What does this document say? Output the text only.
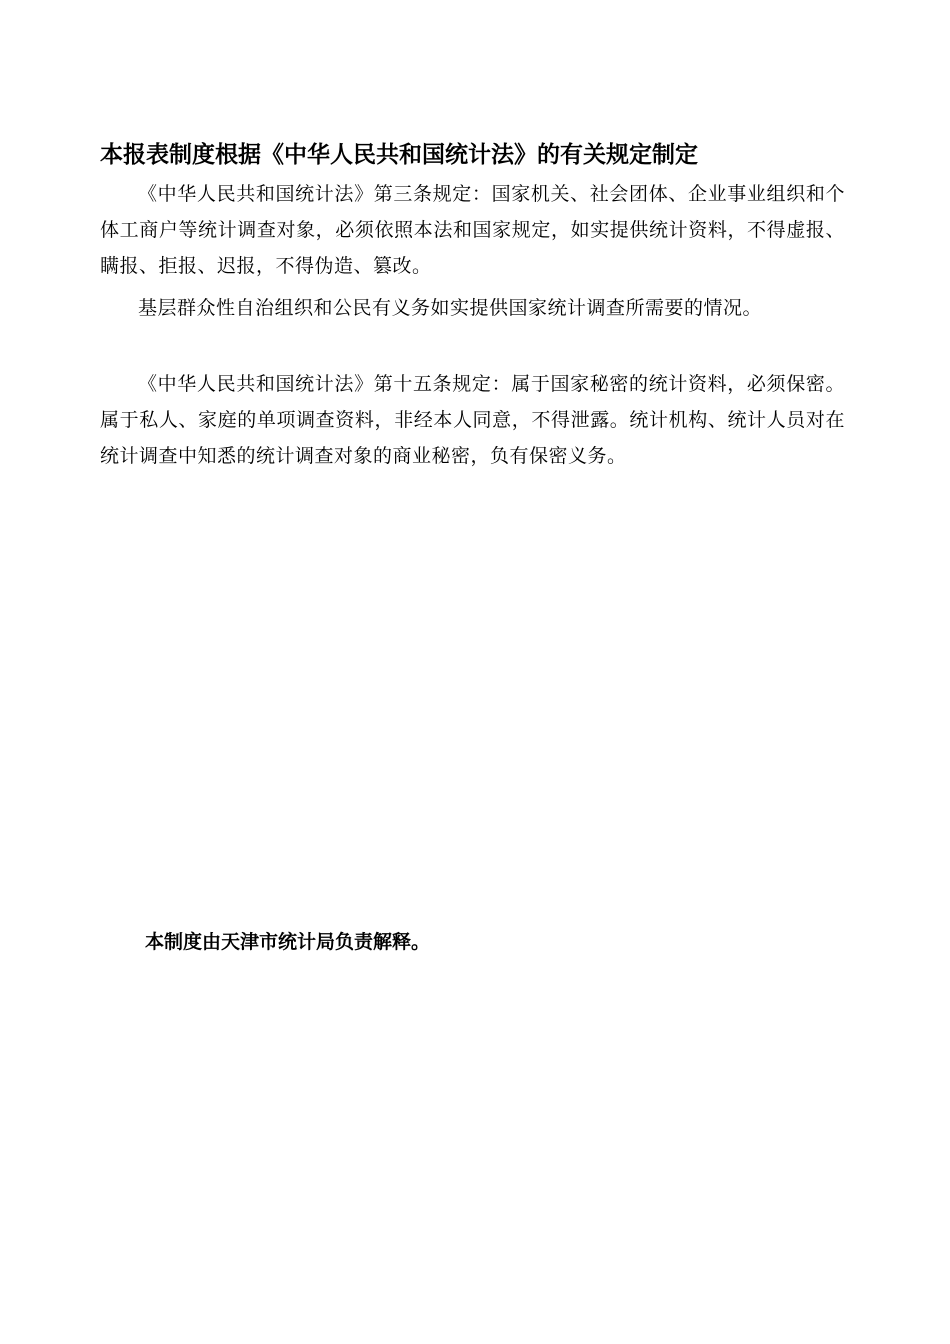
本报表制度根据《中华人民共和国统计法》的有关规定制定

《中华人民共和国统计法》第三条规定：国家机关、社会团体、企业事业组织和个体工商户等统计调查对象，必须依照本法和国家规定，如实提供统计资料，不得虚报、瞒报、拒报、迟报，不得伪造、篡改。

基层群众性自治组织和公民有义务如实提供国家统计调查所需要的情况。

《中华人民共和国统计法》第十五条规定：属于国家秘密的统计资料，必须保密。属于私人、家庭的单项调查资料，非经本人同意，不得泄露。统计机构、统计人员对在统计调查中知悉的统计调查对象的商业秘密，负有保密义务。

本制度由天津市统计局负责解释。
